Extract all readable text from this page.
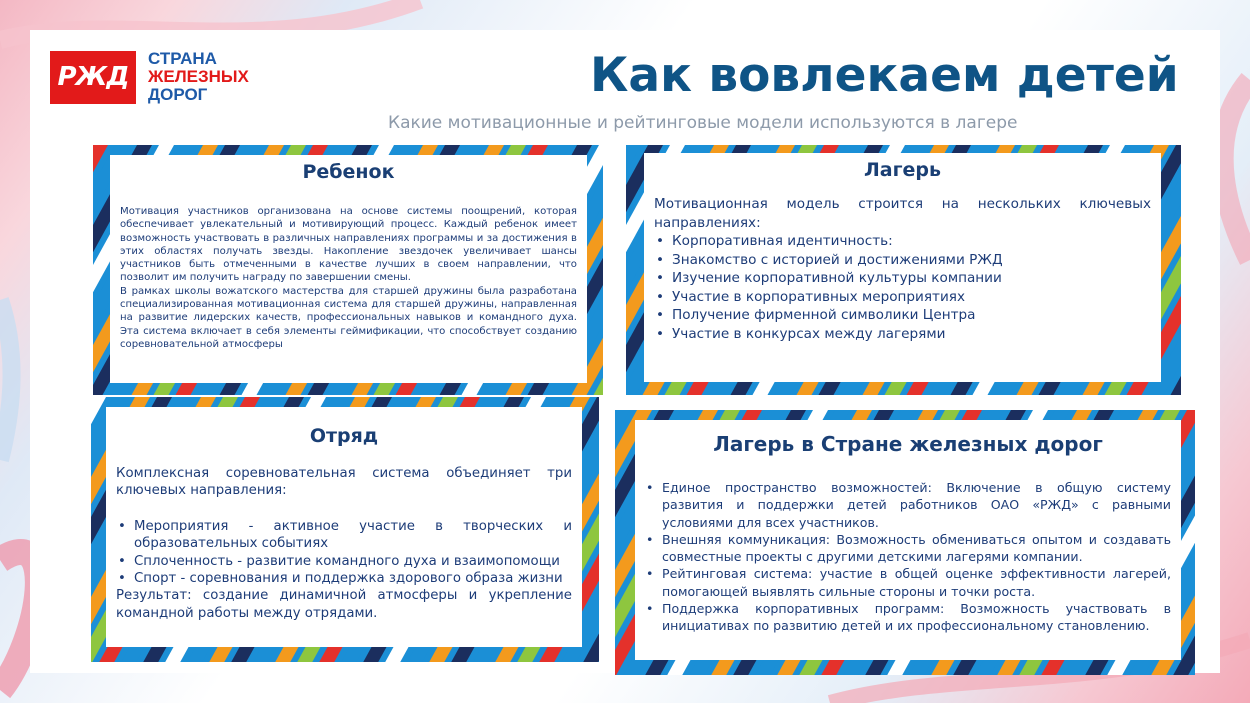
РЖД
СТРАНА
ЖЕЛЕЗНЫХ
ДОРОГ	Как вовлекаем детей

Какие мотивационные и рейтинговые модели используются в лагере

Ребенок

Мотивация участников организована на основе системы поощрений, которая обеспечивает увлекательный и мотивирующий процесс. Каждый ребенок имеет возможность участвовать в различных направлениях программы и за достижения в этих областях получать звезды. Накопление звездочек увеличивает шансы участников быть отмеченными в качестве лучших в своем направлении, что позволит им получить награду по завершении смены.

В рамках школы вожатского мастерства для старшей дружины была разработана специализированная мотивационная система для старшей дружины, направленная на развитие лидерских качеств, профессиональных навыков и командного духа. Эта система включает в себя элементы геймификации, что способствует созданию соревновательной атмосферы

Лагерь

Мотивационная модель строится на нескольких ключевых направлениях:

• Корпоративная идентичность:
• Знакомство с историей и достижениями РЖД
• Изучение корпоративной культуры компании
• Участие в корпоративных мероприятиях
• Получение фирменной символики Центра
• Участие в конкурсах между лагерями
Отряд

Комплексная соревновательная система объединяет три ключевых направления:

• Мероприятия - активное участие в творческих и образовательных событиях
• Сплоченность - развитие командного духа и взаимопомощи
• Спорт - соревнования и поддержка здорового образа жизни

Результат: создание динамичной атмосферы и укрепление командной работы между отрядами.

Лагерь в Стране железных дорог
• Единое пространство возможностей: Включение в общую систему развития и поддержки детей работников ОАО «РЖД» с равными условиями для всех участников.
• Внешняя коммуникация: Возможность обмениваться опытом и создавать совместные проекты с другими детскими лагерями компании.
• Рейтинговая система: участие в общей оценке эффективности лагерей, помогающей выявлять сильные стороны и точки роста.
• Поддержка корпоративных программ: Возможность участвовать в инициативах по развитию детей и их профессиональному становлению.
